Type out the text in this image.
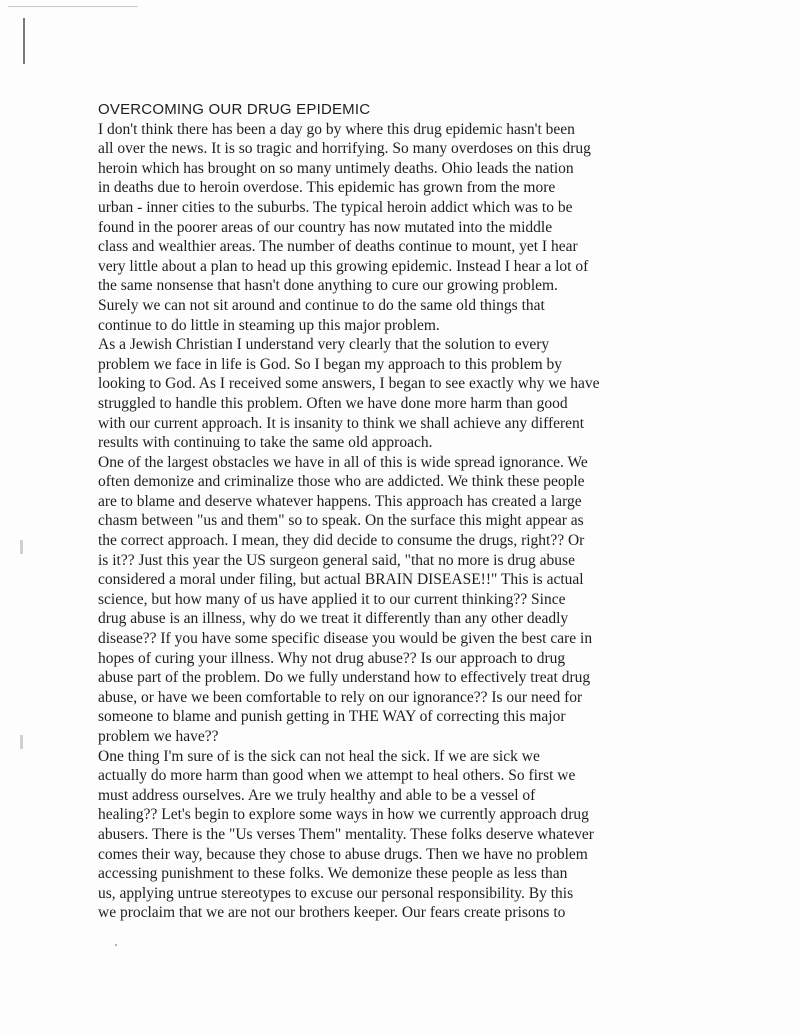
OVERCOMING OUR DRUG EPIDEMIC
I don't think there has been a day go by where this drug epidemic hasn't been
all over the news. It is so tragic and horrifying. So many overdoses on this drug
heroin which has brought on so many untimely deaths. Ohio leads the nation
in deaths due to heroin overdose. This epidemic has grown from the more
urban - inner cities to the suburbs. The typical heroin addict which was to be
found in the poorer areas of our country has now mutated into the middle
class and wealthier areas. The number of deaths continue to mount, yet I hear
very little about a plan to head up this growing epidemic. Instead I hear a lot of
the same nonsense that hasn't done anything to cure our growing problem.
Surely we can not sit around and continue to do the same old things that
continue to do little in steaming up this major problem.
As a Jewish Christian I understand very clearly that the solution to every
problem we face in life is God. So I began my approach to this problem by
looking to God. As I received some answers, I began to see exactly why we have
struggled to handle this problem. Often we have done more harm than good
with our current approach. It is insanity to think we shall achieve any different
results with continuing to take the same old approach.
One of the largest obstacles we have in all of this is wide spread ignorance. We
often demonize and criminalize those who are addicted. We think these people
are to blame and deserve whatever happens. This approach has created a large
chasm between "us and them" so to speak. On the surface this might appear as
the correct approach. I mean, they did decide to consume the drugs, right?? Or
is it?? Just this year the US surgeon general said, "that no more is drug abuse
considered a moral under filing, but actual BRAIN DISEASE!!" This is actual
science, but how many of us have applied it to our current thinking?? Since
drug abuse is an illness, why do we treat it differently than any other deadly
disease?? If you have some specific disease you would be given the best care in
hopes of curing your illness. Why not drug abuse?? Is our approach to drug
abuse part of the problem. Do we fully understand how to effectively treat drug
abuse, or have we been comfortable to rely on our ignorance?? Is our need for
someone to blame and punish getting in THE WAY of correcting this major
problem we have??
One thing I'm sure of is the sick can not heal the sick. If we are sick we
actually do more harm than good when we attempt to heal others. So first we
must address ourselves. Are we truly healthy and able to be a vessel of
healing?? Let's begin to explore some ways in how we currently approach drug
abusers. There is the "Us verses Them" mentality. These folks deserve whatever
comes their way, because they chose to abuse drugs. Then we have no problem
accessing punishment to these folks. We demonize these people as less than
us, applying untrue stereotypes to excuse our personal responsibility. By this
we proclaim that we are not our brothers keeper. Our fears create prisons to
